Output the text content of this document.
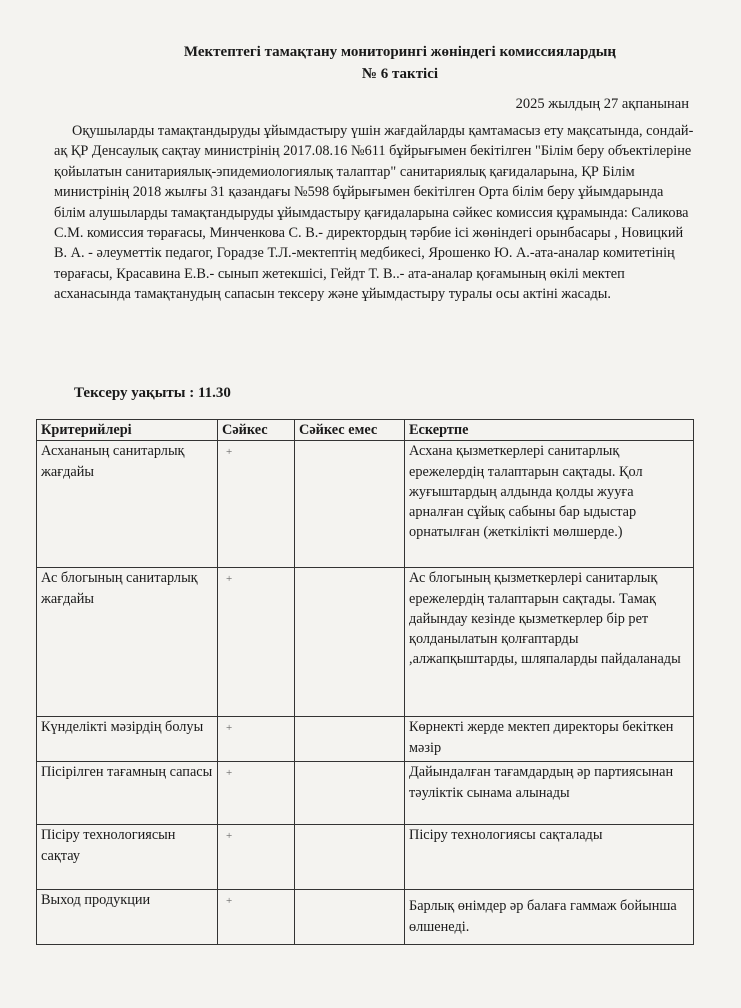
Мектептегі тамақтану мониторингі жөніндегі комиссиялардың
№ 6 тактісі
2025 жылдың 27 ақпанынан
Оқушыларды тамақтандыруды ұйымдастыру үшін жағдайларды қамтамасыз ету мақсатында, сондай-ақ ҚР Денсаулық сақтау министрінің 2017.08.16 №611 бұйрығымен бекітілген "Білім беру объектілеріне қойылатын санитариялық-эпидемиологиялық талаптар" санитариялық қағидаларына, ҚР Білім министрінің 2018 жылғы 31 қазандағы №598 бұйрығымен бекітілген Орта білім беру ұйымдарында білім алушыларды тамақтандыруды ұйымдастыру қағидаларына сәйкес комиссия құрамында: Саликова С.М. комиссия төрағасы, Минченкова С. В.- директордың тәрбие ісі жөніндегі орынбасары , Новицкий В. А. - әлеуметтік педагог, Горадзе Т.Л.-мектептің медбикесі, Ярошенко Ю. А.-ата-аналар комитетінің төрағасы, Красавина Е.В.- сынып жетекшісі, Гейдт Т. В..- ата-аналар қоғамының өкілі мектеп асханасында тамақтанудың сапасын тексеру және ұйымдастыру туралы осы актіні жасады.
Тексеру уақыты : 11.30
Критерийлері	Сәйкес	Сәйкес емес	Ескертпе
Асхананың санитарлық жағдайы	+		Асхана қызметкерлері санитарлық ережелердің талаптарын сақтады. Қол жуғыштардың алдында қолды жууға арналған сұйық сабыны бар ыдыстар орнатылған (жеткілікті мөлшерде.)
Ас блогының санитарлық жағдайы	+		Ас блогының қызметкерлері санитарлық ережелердің талаптарын сақтады. Тамақ дайындау кезінде қызметкерлер бір рет қолданылатын қолғаптарды ,алжапқыштарды, шляпаларды пайдаланады
Күнделікті мәзірдің болуы	+		Көрнекті жерде мектеп директоры бекіткен мәзір
Пісірілген тағамның сапасы	+		Дайындалған тағамдардың әр партиясынан тәуліктік сынама алынады
Пісіру технологиясын сақтау	+		Пісіру технологиясы сақталады
Выход продукции	+		Барлық өнімдер әр балаға гаммаж бойынша өлшенеді.
